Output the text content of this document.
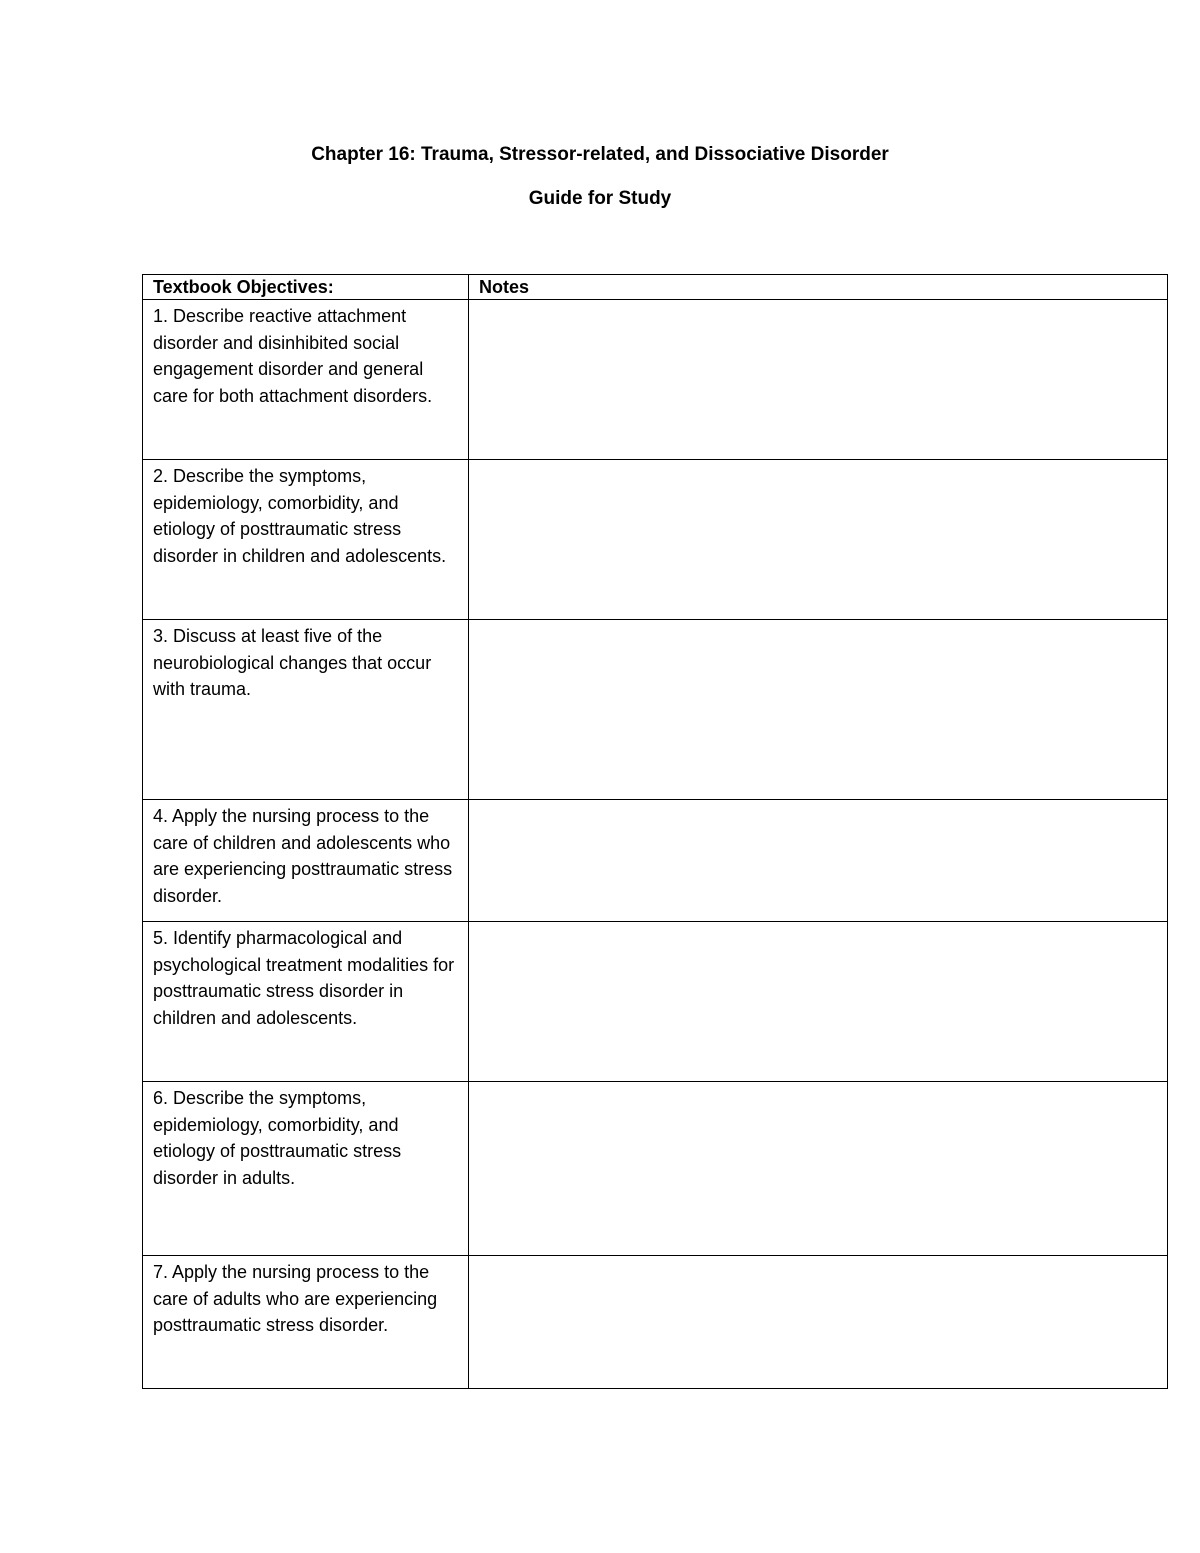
Chapter 16: Trauma, Stressor-related, and Dissociative Disorder
Guide for Study
Textbook Objectives:	Notes
1. Describe reactive attachment disorder and disinhibited social engagement disorder and general care for both attachment disorders.	
2. Describe the symptoms, epidemiology, comorbidity, and etiology of posttraumatic stress disorder in children and adolescents.	
3. Discuss at least five of the neurobiological changes that occur with trauma.	
4. Apply the nursing process to the care of children and adolescents who are experiencing posttraumatic stress disorder.	
5. Identify pharmacological and psychological treatment modalities for posttraumatic stress disorder in children and adolescents.	
6. Describe the symptoms, epidemiology, comorbidity, and etiology of posttraumatic stress disorder in adults.	
7. Apply the nursing process to the care of adults who are experiencing posttraumatic stress disorder.	
